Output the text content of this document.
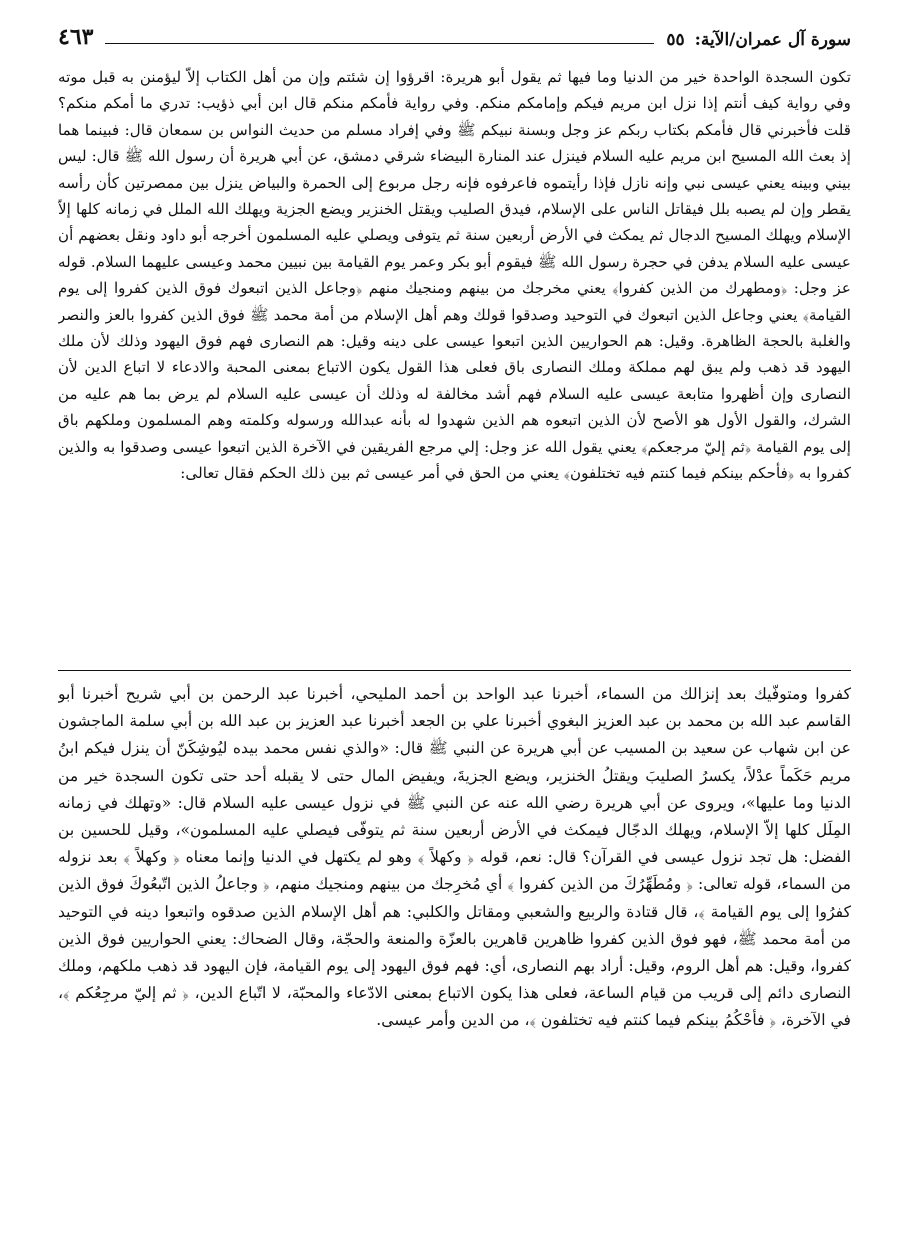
سورة آل عمران/الآية:
٥٥
٤٦٣

تكون السجدة الواحدة خير من الدنيا وما فيها ثم يقول أبو هريرة: اقرؤوا إن شئتم وإن من أهل الكتاب إلاّ ليؤمنن به قبل موته وفي رواية كيف أنتم إذا نزل ابن مريم فيكم وإمامكم منكم. وفي رواية فأمكم منكم قال ابن أبي ذؤيب: تدري ما أمكم منكم؟ قلت فأخبرني قال فأمكم بكتاب ربكم عز وجل وبسنة نبيكم ﷺ وفي إفراد مسلم من حديث النواس بن سمعان قال: فبينما هما إذ بعث الله المسيح ابن مريم عليه السلام فينزل عند المنارة البيضاء شرقي دمشق، عن أبي هريرة أن رسول الله ﷺ قال: ليس بيني وبينه يعني عيسى نبي وإنه نازل فإذا رأيتموه فاعرفوه فإنه رجل مربوع إلى الحمرة والبياض ينزل بين ممصرتين كأن رأسه يقطر وإن لم يصبه بلل فيقاتل الناس على الإسلام، فيدق الصليب ويقتل الخنزير ويضع الجزية ويهلك الله الملل في زمانه كلها إلاّ الإسلام ويهلك المسيح الدجال ثم يمكث في الأرض أربعين سنة ثم يتوفى ويصلي عليه المسلمون أخرجه أبو داود ونقل بعضهم أن عيسى عليه السلام يدفن في حجرة رسول الله ﷺ فيقوم أبو بكر وعمر يوم القيامة بين نبيين محمد وعيسى عليهما السلام. قوله عز وجل: ﴿ومطهرك من الذين كفروا﴾ يعني مخرجك من بينهم ومنجيك منهم ﴿وجاعل الذين اتبعوك فوق الذين كفروا إلى يوم القيامة﴾ يعني وجاعل الذين اتبعوك في التوحيد وصدقوا قولك وهم أهل الإسلام من أمة محمد ﷺ فوق الذين كفروا بالعز والنصر والغلبة بالحجة الظاهرة. وقيل: هم الحواريين الذين اتبعوا عيسى على دينه وقيل: هم النصارى فهم فوق اليهود وذلك لأن ملك اليهود قد ذهب ولم يبق لهم مملكة وملك النصارى باق فعلى هذا القول يكون الاتباع بمعنى المحبة والادعاء لا اتباع الدين لأن النصارى وإن أظهروا متابعة عيسى عليه السلام فهم أشد مخالفة له وذلك أن عيسى عليه السلام لم يرض بما هم عليه من الشرك، والقول الأول هو الأصح لأن الذين اتبعوه هم الذين شهدوا له بأنه عبدالله ورسوله وكلمته وهم المسلمون وملكهم باق إلى يوم القيامة ﴿ثم إليّ مرجعكم﴾ يعني يقول الله عز وجل: إلي مرجع الفريقين في الآخرة الذين اتبعوا عيسى وصدقوا به والذين كفروا به ﴿فأحكم بينكم فيما كنتم فيه تختلفون﴾ يعني من الحق في أمر عيسى ثم بين ذلك الحكم فقال تعالى:

كفروا ومتوفّيك بعد إنزالك من السماء، أخبرنا عبد الواحد بن أحمد المليحي، أخبرنا عبد الرحمن بن أبي شريح أخبرنا أبو القاسم عبد الله بن محمد بن عبد العزيز البغوي أخبرنا علي بن الجعد أخبرنا عبد العزيز بن عبد الله بن أبي سلمة الماجشون عن ابن شهاب عن سعيد بن المسيب عن أبي هريرة عن النبي ﷺ قال: «والذي نفس محمد بيده ليُوشِكَنّ أن ينزل فيكم ابنُ مريم حَكَماً عدْلاً، يكسرُ الصليبَ ويقتلُ الخنزير، ويضع الجزيةَ، ويفيض المال حتى لا يقبله أحد حتى تكون السجدة خير من الدنيا وما عليها»، ويروى عن أبي هريرة رضي الله عنه عن النبي ﷺ في نزول عيسى عليه السلام قال: «وتهلك في زمانه المِلَل كلها إلاّ الإسلام، ويهلك الدجّال فيمكث في الأرض أربعين سنة ثم يتوفّى فيصلي عليه المسلمون»، وقيل للحسين بن الفضل: هل تجد نزول عيسى في القرآن؟ قال: نعم، قوله ﴿ وكهلاً ﴾ وهو لم يكتهل في الدنيا وإنما معناه ﴿ وكهلاً ﴾ بعد نزوله من السماء، قوله تعالى: ﴿ ومُطَهِّرُكَ من الذين كفروا ﴾ أي مُخرِجك من بينهم ومنجيك منهم، ﴿ وجاعلُ الذين اتّبعُوكَ فوق الذين كفرُوا إلى يوم القيامة ﴾، قال قتادة والربيع والشعبي ومقاتل والكلبي: هم أهل الإسلام الذين صدقوه واتبعوا دينه في التوحيد من أمة محمد ﷺ، فهو فوق الذين كفروا ظاهرين قاهرين بالعزّة والمنعة والحجّة، وقال الضحاك: يعني الحواريين فوق الذين كفروا، وقيل: هم أهل الروم، وقيل: أراد بهم النصارى، أي: فهم فوق اليهود إلى يوم القيامة، فإن اليهود قد ذهب ملكهم، وملك النصارى دائم إلى قريب من قيام الساعة، فعلى هذا يكون الاتباع بمعنى الادّعاء والمحبّة، لا اتّباع الدين، ﴿ ثم إليّ مرجِعُكم ﴾، في الآخرة، ﴿ فأحْكُمُ بينكم فيما كنتم فيه تختلفون ﴾، من الدين وأمر عيسى.
